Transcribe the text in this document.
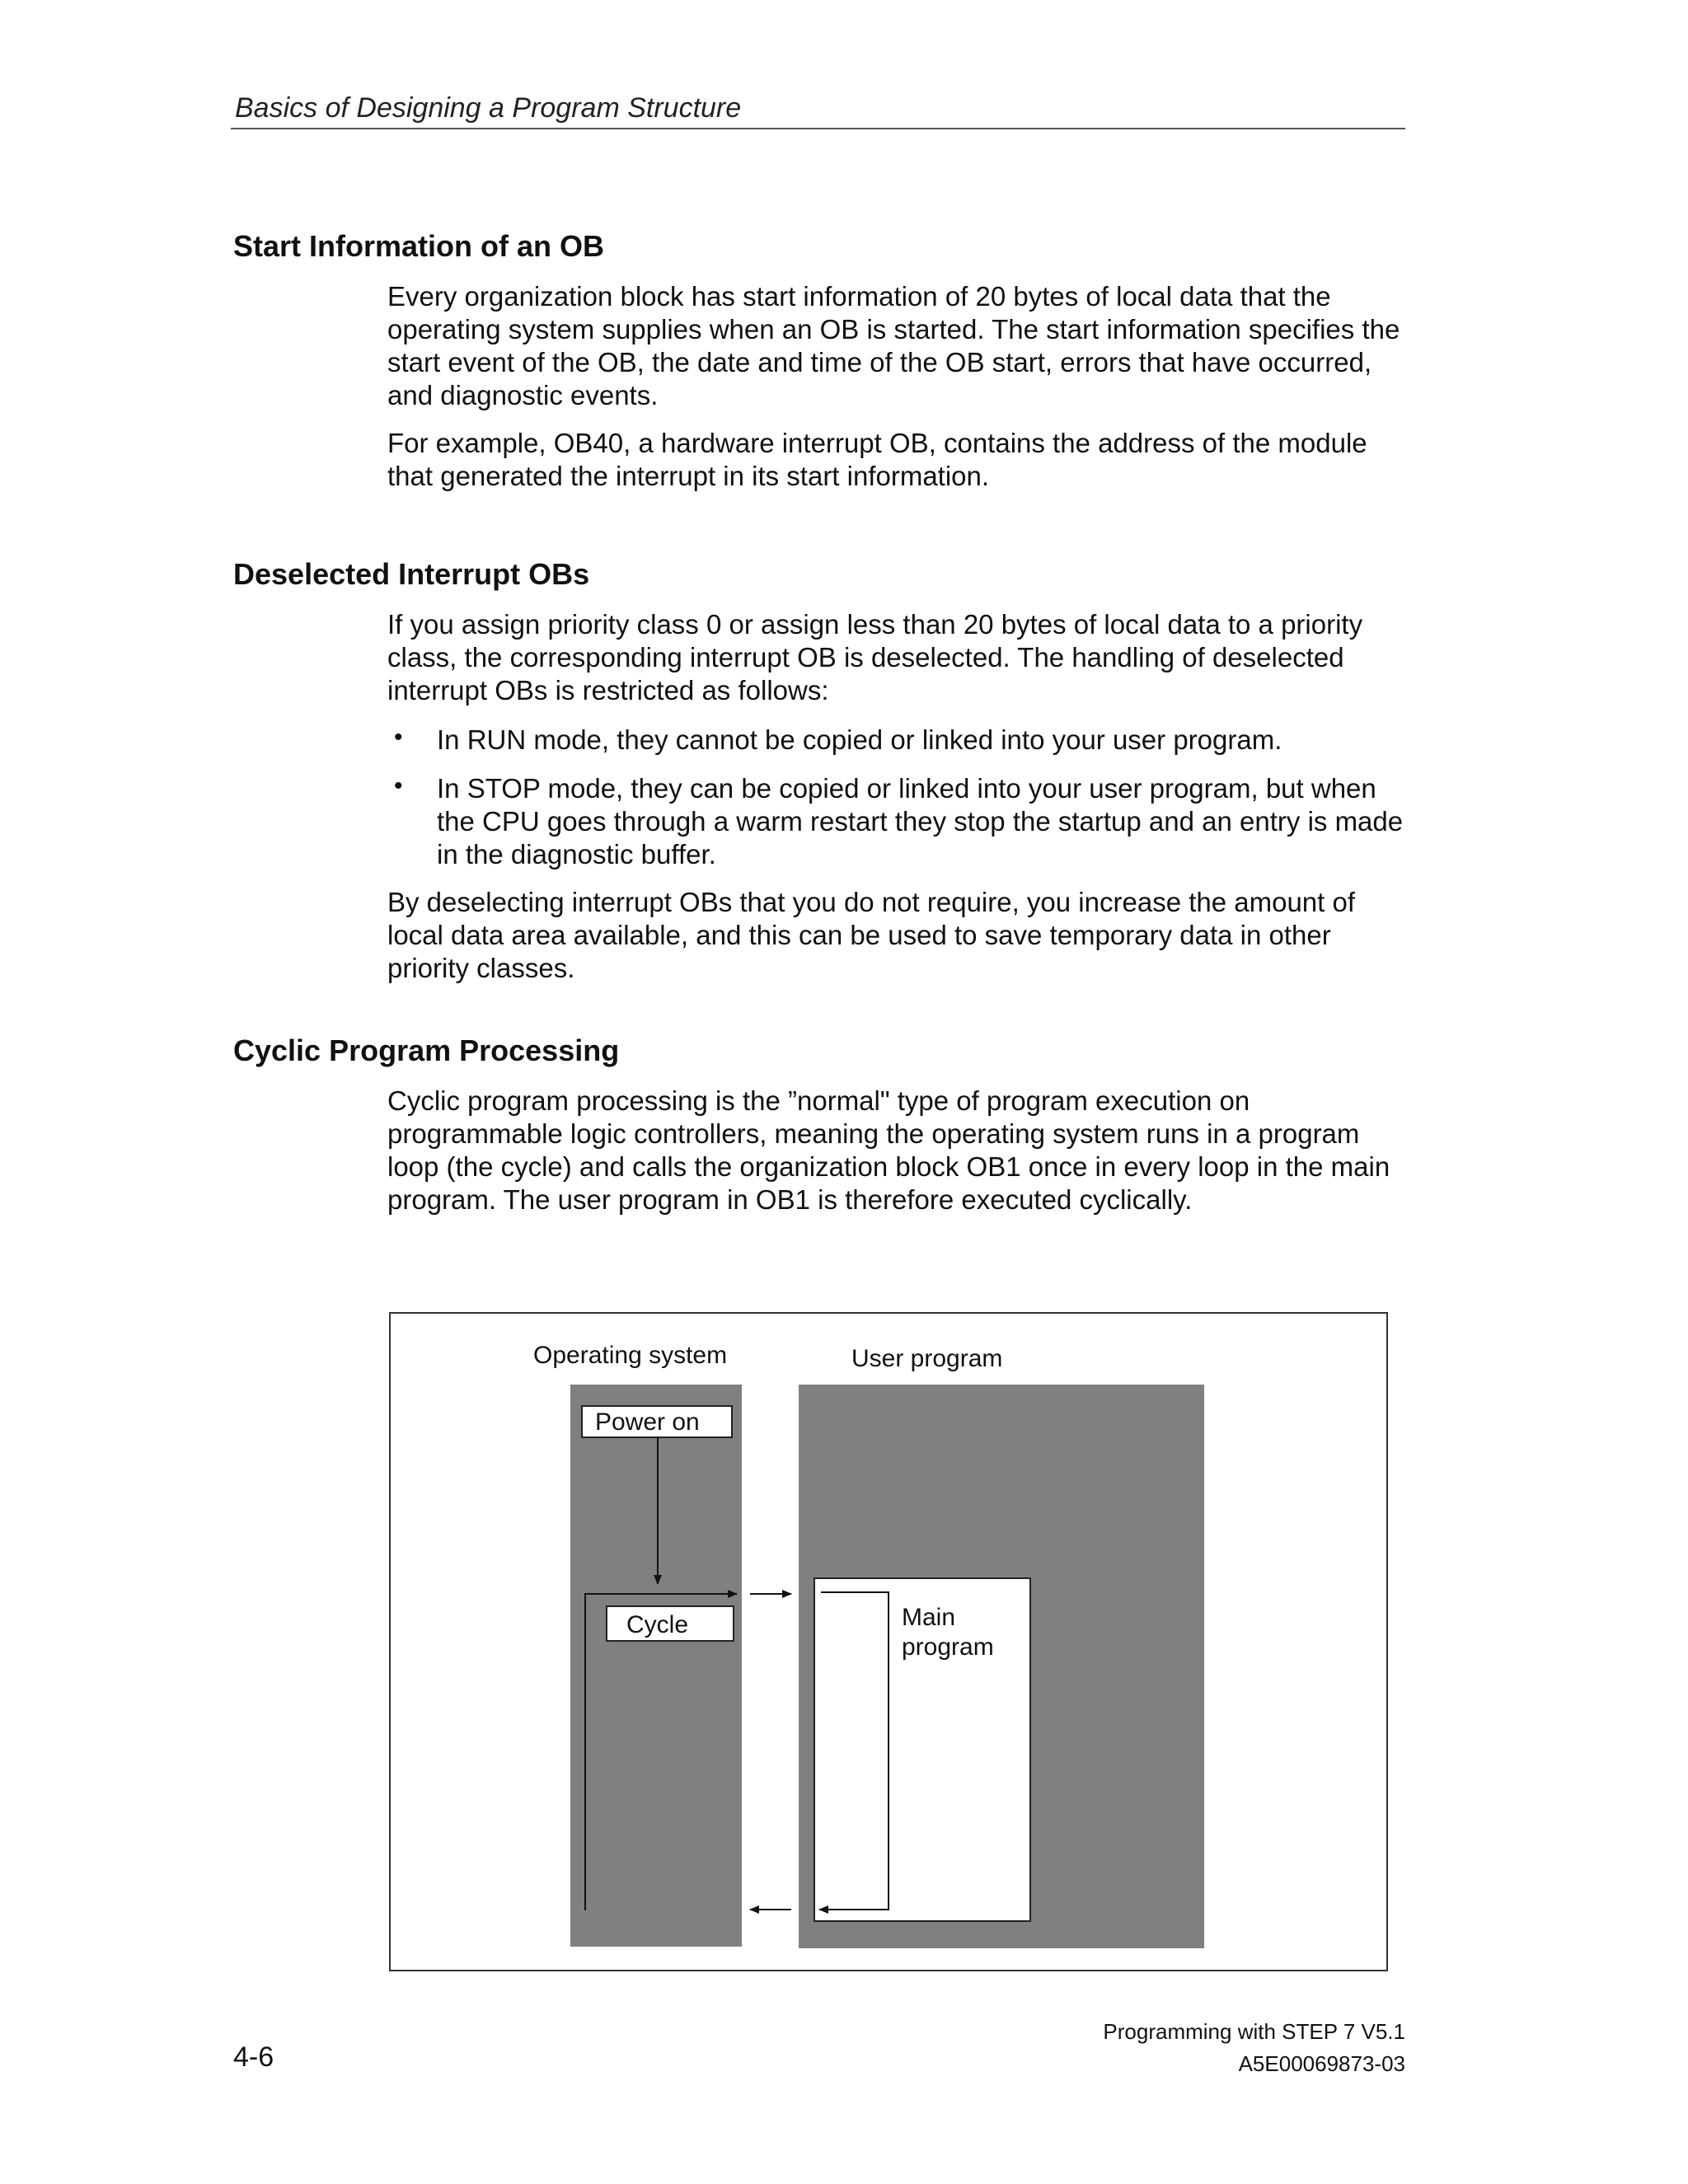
Basics of Designing a Program Structure
Start Information of an OB
Every organization block has start information of 20 bytes of local data that the operating system supplies when an OB is started. The start information specifies the start event of the OB, the date and time of the OB start, errors that have occurred, and diagnostic events.
For example, OB40, a hardware interrupt OB, contains the address of the module that generated the interrupt in its start information.
Deselected Interrupt OBs
If you assign priority class 0 or assign less than 20 bytes of local data to a priority class, the corresponding interrupt OB is deselected. The handling of deselected interrupt OBs is restricted as follows:
• In RUN mode, they cannot be copied or linked into your user program.
• In STOP mode, they can be copied or linked into your user program, but when the CPU goes through a warm restart they stop the startup and an entry is made in the diagnostic buffer.
By deselecting interrupt OBs that you do not require, you increase the amount of local data area available, and this can be used to save temporary data in other priority classes.
Cyclic Program Processing
Cyclic program processing is the ”normal" type of program execution on programmable logic controllers, meaning the operating system runs in a program loop (the cycle) and calls the organization block OB1 once in every loop in the main program. The user program in OB1 is therefore executed cyclically.
Operating system	User program
Power on
Cycle	Main
program
Programming with STEP 7 V5.1
A5E00069873-03
4-6
